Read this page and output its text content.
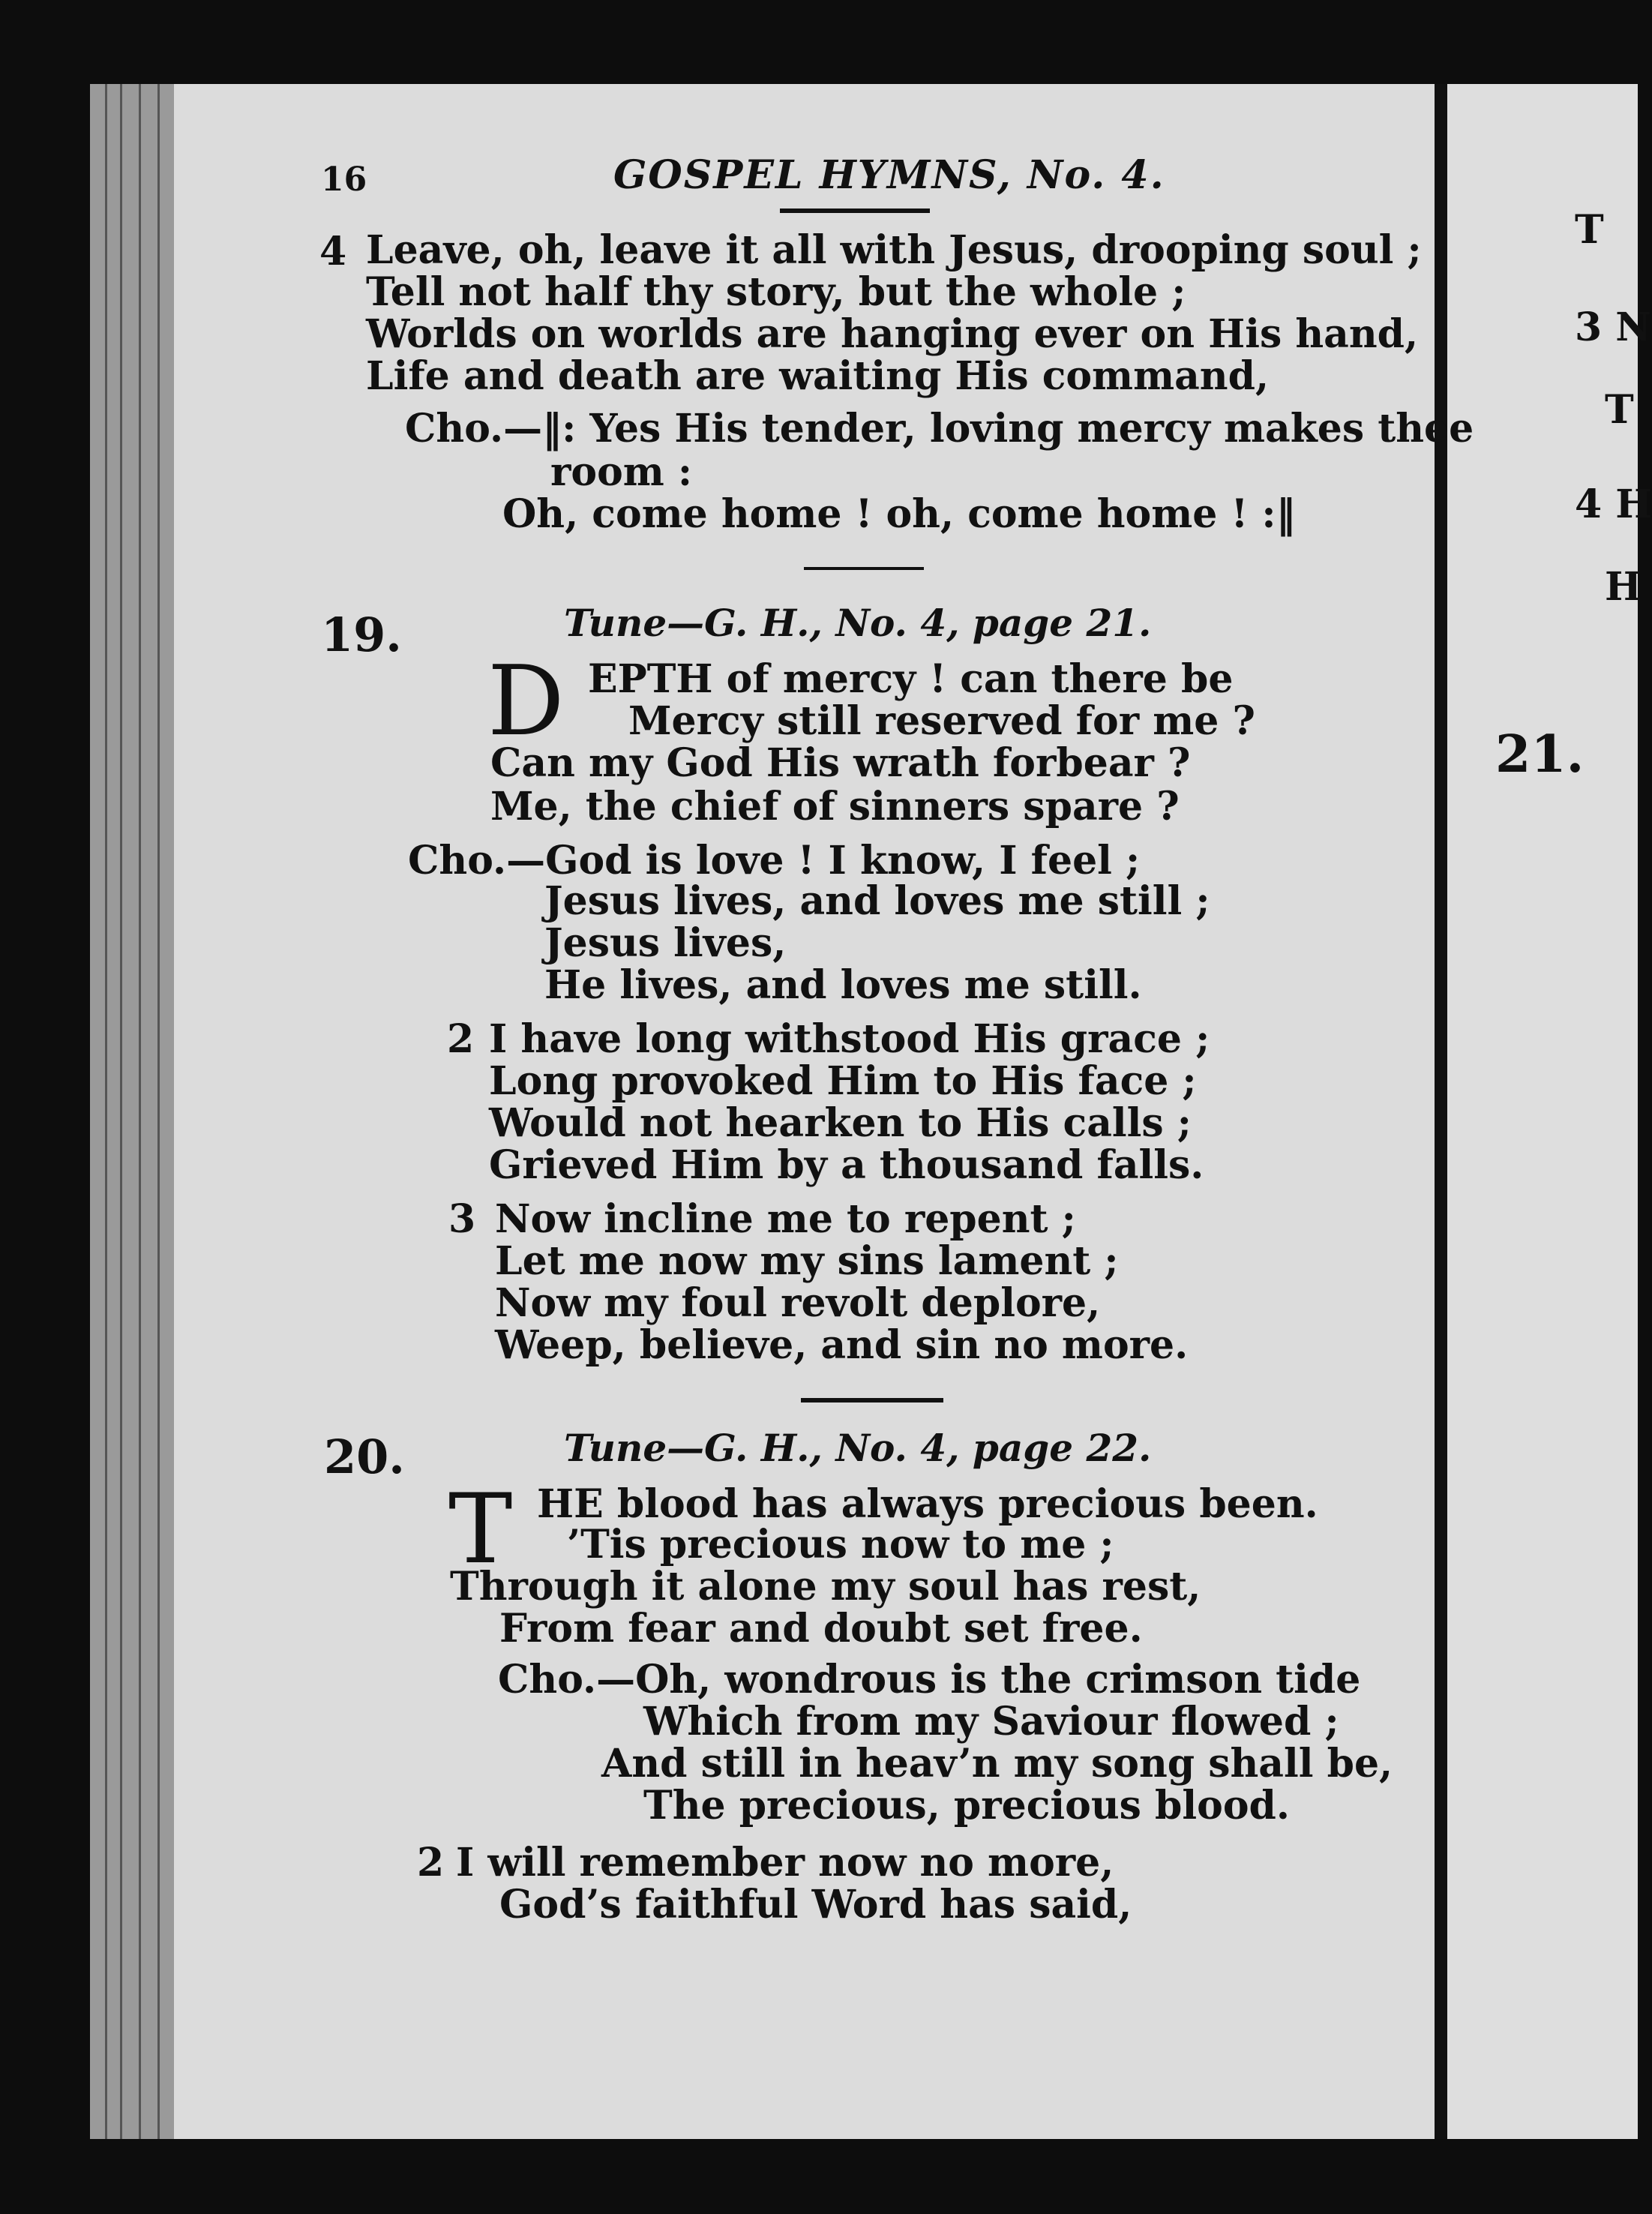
16	GOSPEL HYMNS, No. 4.
4 Leave, oh, leave it all with Jesus, drooping soul ;
Tell not half thy story, but the whole ;
Worlds on worlds are hanging ever on His hand,
Life and death are waiting His command,
Cho.—‖: Yes His tender, loving mercy makes thee
room :
Oh, come home ! oh, come home ! :‖
19.	Tune—G. H., No. 4, page 21.
D EPTH of mercy ! can there be
Mercy still reserved for me ?
Can my God His wrath forbear ?
Me, the chief of sinners spare ?
Cho.—God is love ! I know, I feel ;
Jesus lives, and loves me still ;
Jesus lives,
He lives, and loves me still.
2 I have long withstood His grace ;
Long provoked Him to His face ;
Would not hearken to His calls ;
Grieved Him by a thousand falls.
3 Now incline me to repent ;
Let me now my sins lament ;
Now my foul revolt deplore,
Weep, believe, and sin no more.
20.	Tune—G. H., No. 4, page 22.
T HE blood has always precious been.
’Tis precious now to me ;
Through it alone my soul has rest,
From fear and doubt set free.
Cho.—Oh, wondrous is the crimson tide
Which from my Saviour flowed ;
And still in heav’n my song shall be,
The precious, precious blood.
2 I will remember now no more,
God’s faithful Word has said,
T
3 N
T
4 H
H
21.
